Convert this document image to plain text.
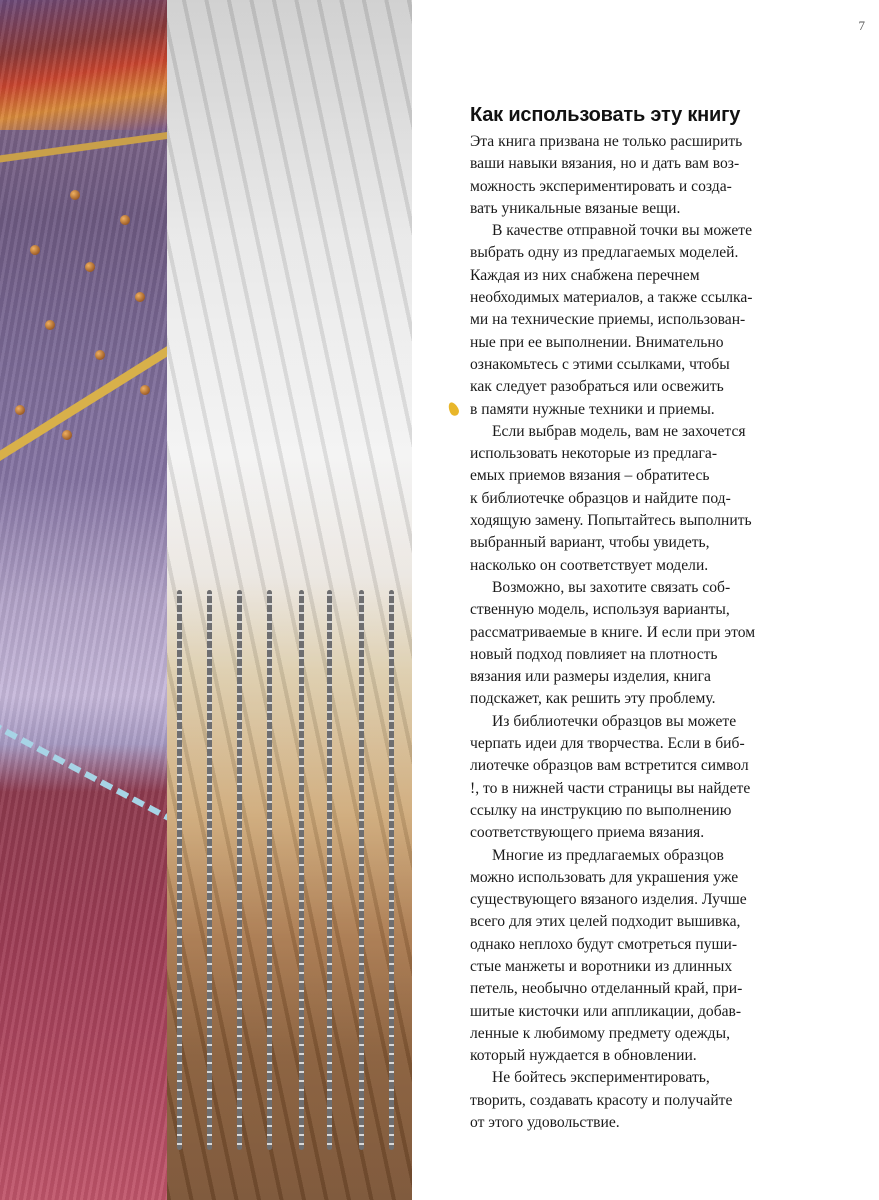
7
Как использовать эту книгу

Эта книга призвана не только расширить
ваши навыки вязания, но и дать вам воз-
можность экспериментировать и созда-
вать уникальные вязаные вещи.

В качестве отправной точки вы можете
выбрать одну из предлагаемых моделей.
Каждая из них снабжена перечнем
необходимых материалов, а также ссылка-
ми на технические приемы, использован-
ные при ее выполнении. Внимательно
ознакомьтесь с этими ссылками, чтобы
как следует разобраться или освежить
в памяти нужные техники и приемы.

Если выбрав модель, вам не захочется
использовать некоторые из предлага-
емых приемов вязания – обратитесь
к библиотечке образцов и найдите под-
ходящую замену. Попытайтесь выполнить
выбранный вариант, чтобы увидеть,
насколько он соответствует модели.

Возможно, вы захотите связать соб-
ственную модель, используя варианты,
рассматриваемые в книге. И если при этом
новый подход повлияет на плотность
вязания или размеры изделия, книга
подскажет, как решить эту проблему.

Из библиотечки образцов вы можете
черпать идеи для творчества. Если в биб-
лиотечке образцов вам встретится символ
!, то в нижней части страницы вы найдете
ссылку на инструкцию по выполнению
соответствующего приема вязания.

Многие из предлагаемых образцов
можно использовать для украшения уже
существующего вязаного изделия. Лучше
всего для этих целей подходит вышивка,
однако неплохо будут смотреться пуши-
стые манжеты и воротники из длинных
петель, необычно отделанный край, при-
шитые кисточки или аппликации, добав-
ленные к любимому предмету одежды,
который нуждается в обновлении.

Не бойтесь экспериментировать,
творить, создавать красоту и получайте
от этого удовольствие.
